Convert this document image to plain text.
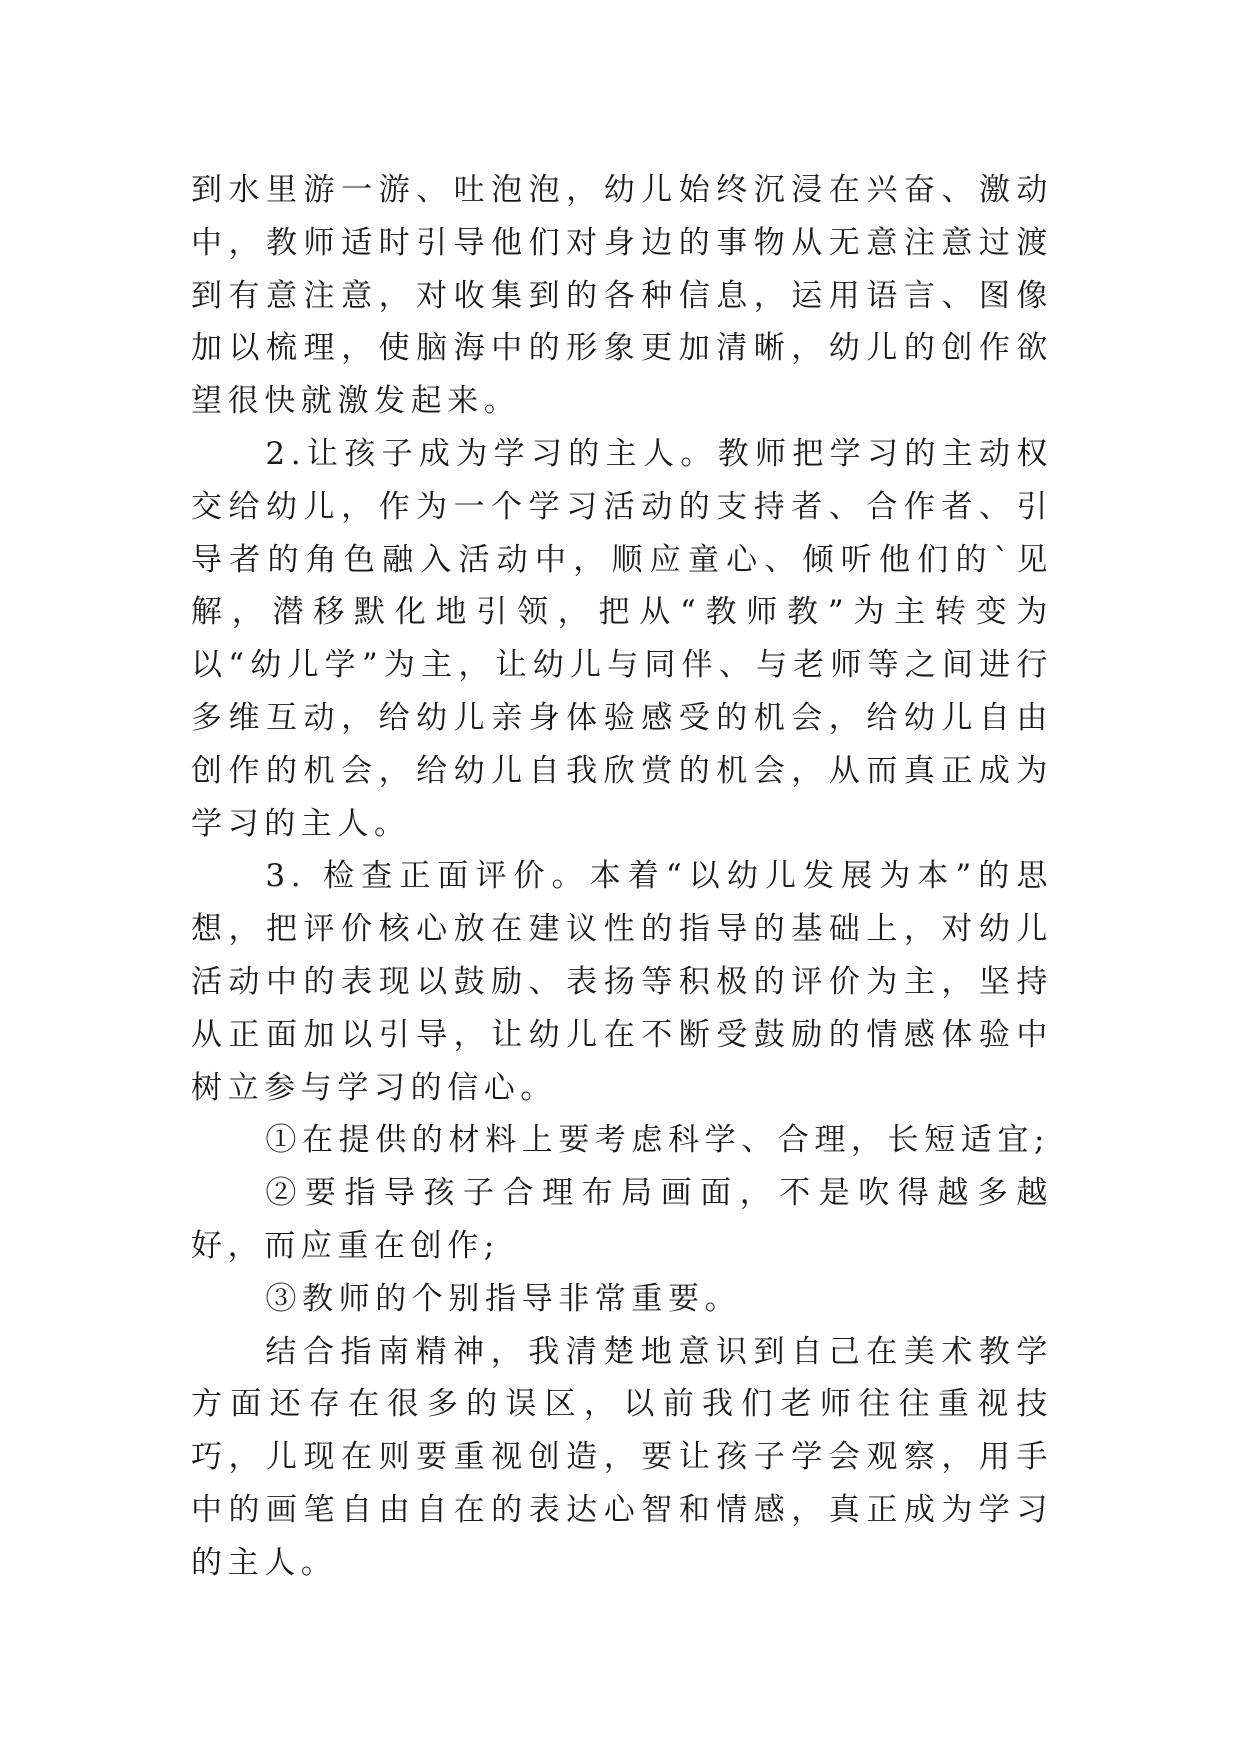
到水里游一游、吐泡泡，幼儿始终沉浸在兴奋、激动中，教师适时引导他们对身边的事物从无意注意过渡到有意注意，对收集到的各种信息，运用语言、图像加以梳理，使脑海中的形象更加清晰，幼儿的创作欲望很快就激发起来。

2.让孩子成为学习的主人。教师把学习的主动权交给幼儿，作为一个学习活动的支持者、合作者、引导者的角色融入活动中，顺应童心、倾听他们的`见解，潜移默化地引领，把从“教师教”为主转变为以“幼儿学”为主，让幼儿与同伴、与老师等之间进行多维互动，给幼儿亲身体验感受的机会，给幼儿自由创作的机会，给幼儿自我欣赏的机会，从而真正成为学习的主人。

3. 检查正面评价。本着“以幼儿发展为本”的思想，把评价核心放在建议性的指导的基础上，对幼儿活动中的表现以鼓励、表扬等积极的评价为主，坚持从正面加以引导，让幼儿在不断受鼓励的情感体验中树立参与学习的信心。

①在提供的材料上要考虑科学、合理，长短适宜;

②要指导孩子合理布局画面，不是吹得越多越好，而应重在创作;

③教师的个别指导非常重要。

结合指南精神，我清楚地意识到自己在美术教学方面还存在很多的误区，以前我们老师往往重视技巧，儿现在则要重视创造，要让孩子学会观察，用手中的画笔自由自在的表达心智和情感，真正成为学习的主人。
